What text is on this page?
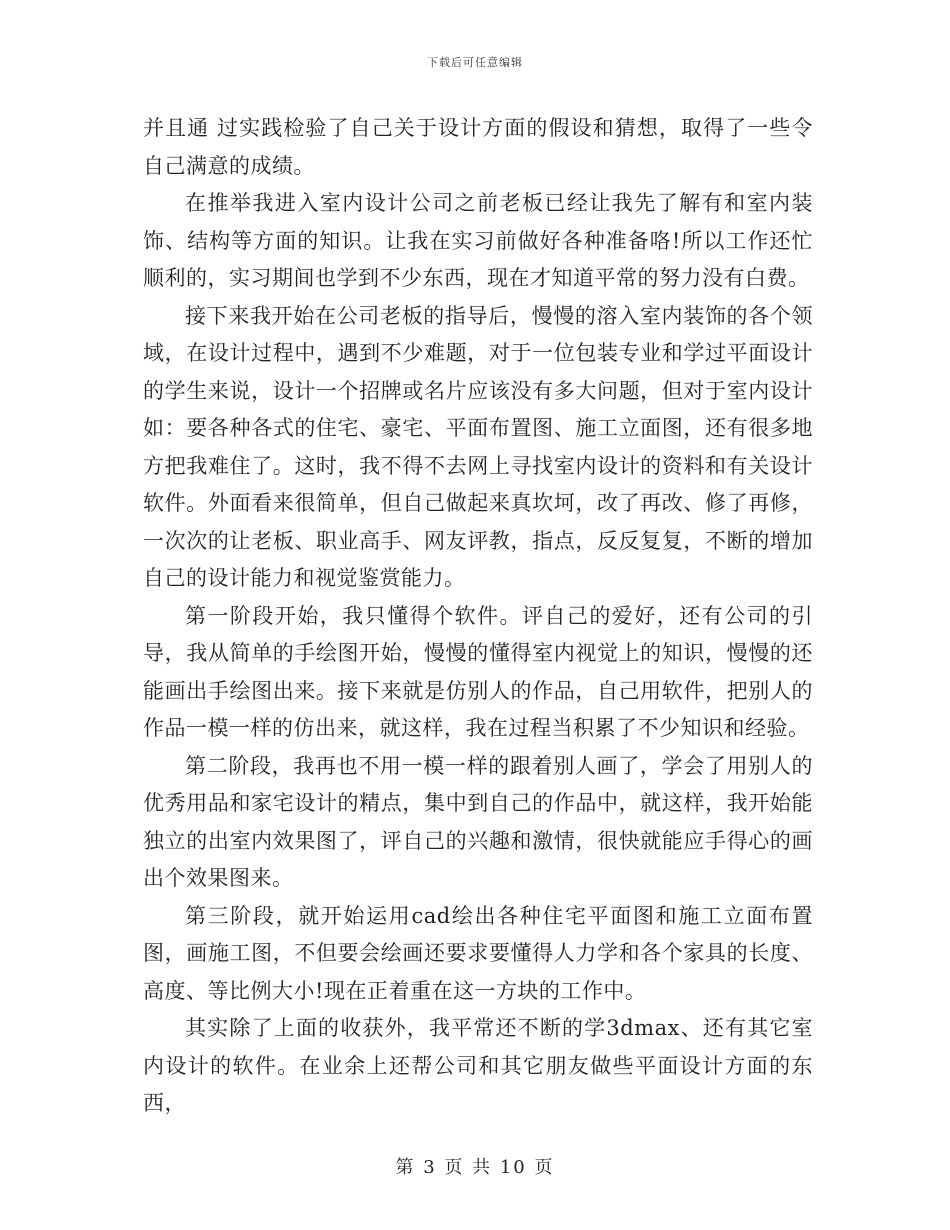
下载后可任意编辑

并且通 过实践检验了自己关于设计方面的假设和猜想，取得了一些令自己满意的成绩。

在推举我进入室内设计公司之前老板已经让我先了解有和室内装饰、结构等方面的知识。让我在实习前做好各种准备咯!所以工作还忙顺利的，实习期间也学到不少东西，现在才知道平常的努力没有白费。

接下来我开始在公司老板的指导后，慢慢的溶入室内装饰的各个领域，在设计过程中，遇到不少难题，对于一位包装专业和学过平面设计的学生来说，设计一个招牌或名片应该没有多大问题，但对于室内设计如：要各种各式的住宅、豪宅、平面布置图、施工立面图，还有很多地方把我难住了。这时，我不得不去网上寻找室内设计的资料和有关设计软件。外面看来很简单，但自己做起来真坎坷，改了再改、修了再修，一次次的让老板、职业高手、网友评教，指点，反反复复，不断的增加自己的设计能力和视觉鉴赏能力。

第一阶段开始，我只懂得个软件。评自己的爱好，还有公司的引导，我从简单的手绘图开始，慢慢的懂得室内视觉上的知识，慢慢的还能画出手绘图出来。接下来就是仿别人的作品，自己用软件，把别人的作品一模一样的仿出来，就这样，我在过程当积累了不少知识和经验。

第二阶段，我再也不用一模一样的跟着别人画了，学会了用别人的优秀用品和家宅设计的精点，集中到自己的作品中，就这样，我开始能独立的出室内效果图了，评自己的兴趣和激情，很快就能应手得心的画出个效果图来。

第三阶段，就开始运用cad绘出各种住宅平面图和施工立面布置图，画施工图，不但要会绘画还要求要懂得人力学和各个家具的长度、高度、等比例大小!现在正着重在这一方块的工作中。

其实除了上面的收获外，我平常还不断的学3dmax、还有其它室内设计的软件。在业余上还帮公司和其它朋友做些平面设计方面的东西，

第 3 页 共 10 页
